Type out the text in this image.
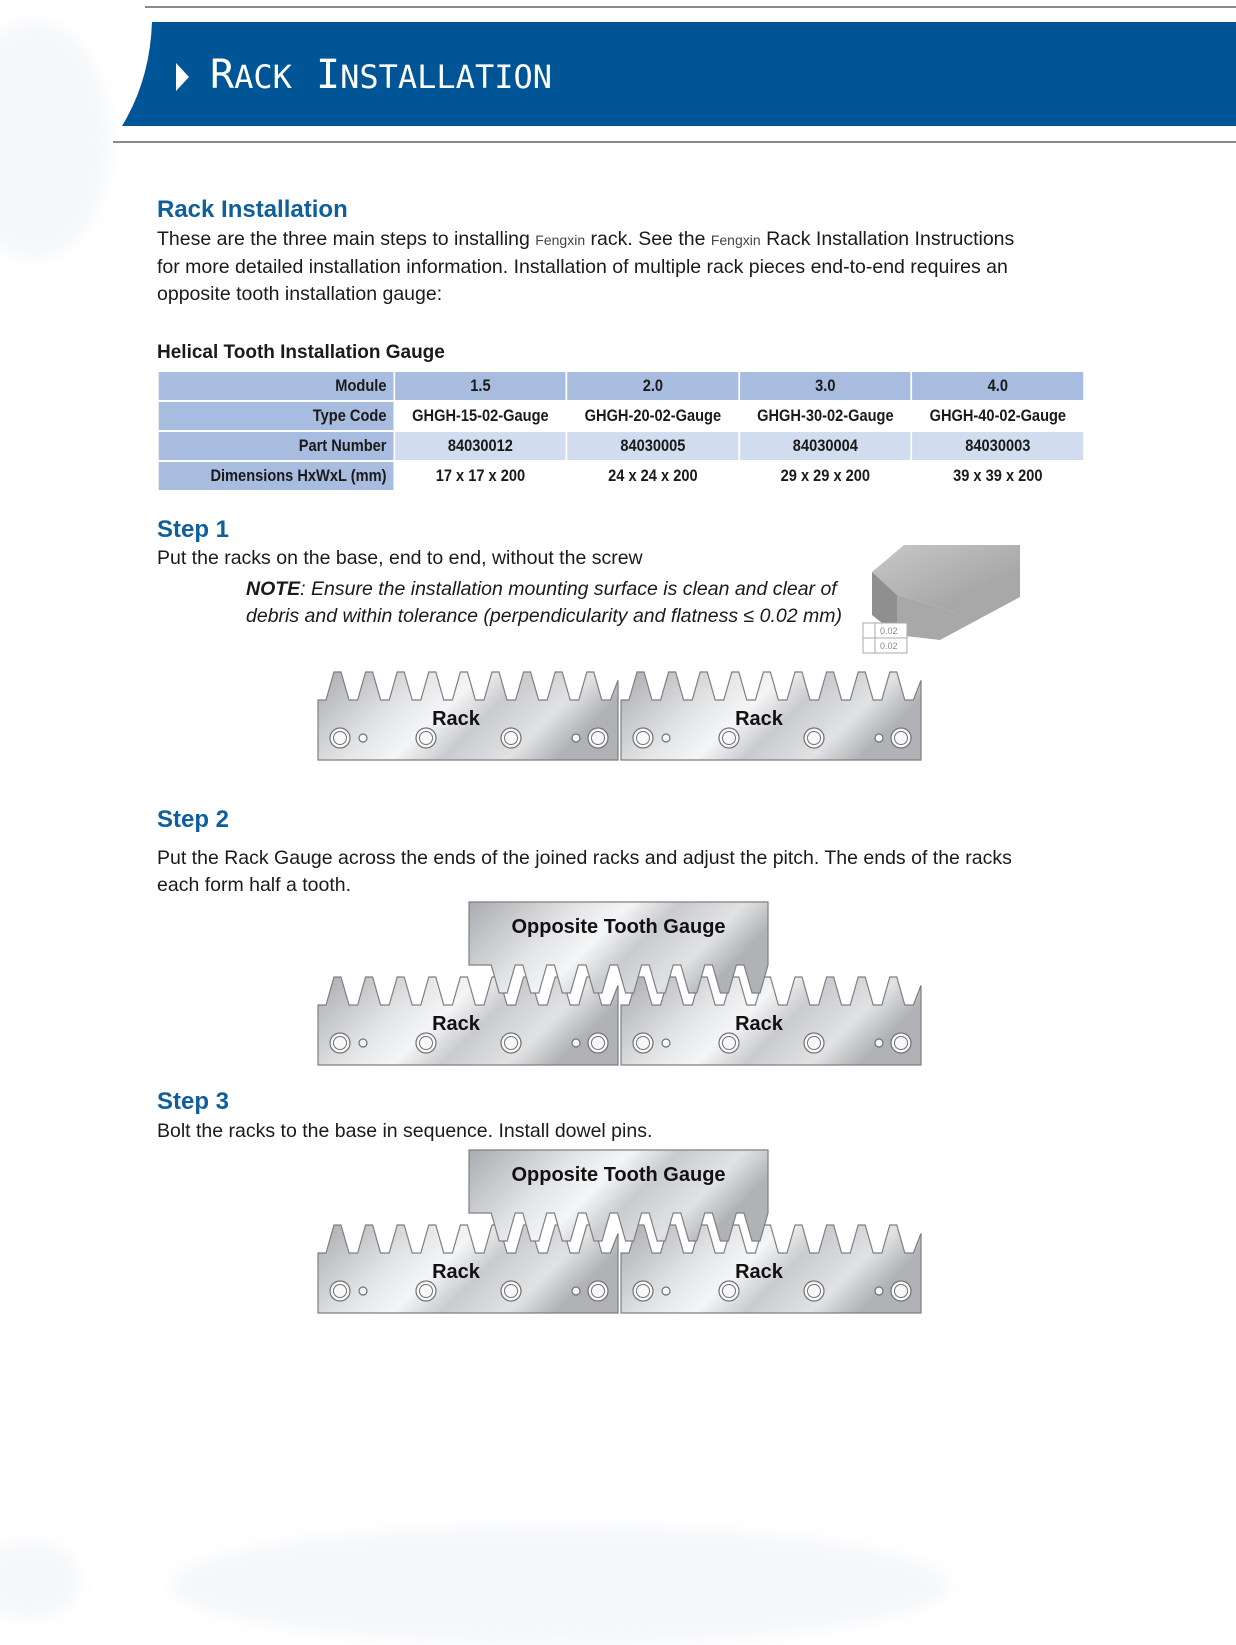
RACK INSTALLATION
Rack Installation

These are the three main steps to installing Fengxin rack. See the Fengxin Rack Installation Instructions
for more detailed installation information. Installation of multiple rack pieces end-to-end requires an
opposite tooth installation gauge:

Helical Tooth Installation Gauge
Module	1.5	2.0	3.0	4.0
Type Code	GHGH-15-02-Gauge	GHGH-20-02-Gauge	GHGH-30-02-Gauge	GHGH-40-02-Gauge
Part Number	84030012	84030005	84030004	84030003
Dimensions HxWxL (mm)	17 x 17 x 200	24 x 24 x 200	29 x 29 x 200	39 x 39 x 200
Step 1

Put the racks on the base, end to end, without the screw

NOTE: Ensure the installation mounting surface is clean and clear of
debris and within tolerance (perpendicularity and flatness ≤ 0.02 mm)

0.02
0.02
Rack	Rack
Step 2

Put the Rack Gauge across the ends of the joined racks and adjust the pitch. The ends of the racks
each form half a tooth.

Rack	Rack
Opposite Tooth Gauge
Step 3

Bolt the racks to the base in sequence. Install dowel pins.

Rack	Rack
Opposite Tooth Gauge
